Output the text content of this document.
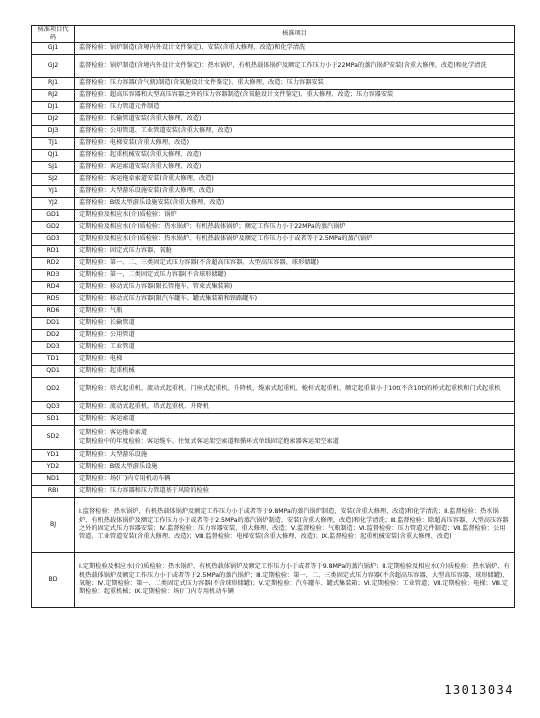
核准项目代码	核准项目
GJ1	监督检验：锅炉制造(含境内外设计文件鉴定)、安装(含重大修理、改造)和化学清洗
GJ2	监督检验：锅炉制造(含境内外设计文件鉴定)：热水锅炉，有机热载体锅炉及额定工作压力小于22MPa的蒸汽锅炉安装(含重大修理、改造)和化学清洗
RJ1	监督检验：压力容器(含气瓶)制造(含氧舱设计文件鉴定)、重大修理、改造；压力容器安装
RJ2	监督检验：超高压容器和大型高压容器之外的压力容器制造(含氧舱设计文件鉴定)、重大修理、改造；压力容器安装
DJ1	监督检验：压力管道元件制造
DJ2	监督检验：长输管道安装(含重大修理、改造)
DJ3	监督检验：公用管道、工业管道安装(含重大修理、改造)
TJ1	监督检验：电梯安装(含重大修理、改造)
QJ1	监督检验：起重机械安装(含重大修理、改造)
SJ1	监督检验：客运索道安装(含重大修理、改造)
SJ2	监督检验：客运拖牵索道安装(含重大修理、改造)
YJ1	监督检验：大型游乐设施安装(含重大修理、改造)
YJ2	监督检验：B级大型游乐设施安装(含重大修理、改造)
GD1	定期检验及相应水(介)质检验：锅炉
GD2	定期检验及相应水(介)质检验：热水锅炉；有机热载体锅炉；额定工作压力小于22MPa的蒸汽锅炉
GD3	定期检验及相应水(介)质检验：热水锅炉、有机热载体锅炉及额定工作压力小于或者等于2.5MPa的蒸汽锅炉
RD1	定期检验：固定式压力容器、氧舱
RD2	定期检验：第一、二、三类固定式压力容器(不含超高压容器、大型高压容器、球形储罐)
RD3	定期检验：第一、二类固定式压力容器(不含球形储罐)
RD4	定期检验：移动式压力容器(限长管拖车、管束式集装箱)
RD5	定期检验：移动式压力容器(限汽车罐车、罐式集装箱和铁路罐车)
RD6	定期检验：气瓶
DD1	定期检验：长输管道
DD2	定期检验：公用管道
DD3	定期检验：工业管道
TD1	定期检验：电梯
QD1	定期检验：起重机械
QD2	定期检验：塔式起重机、流动式起重机、门座式起重机、升降机、缆索式起重机、桅杆式起重机、额定起重量小于10t(不含10t)的桥式起重机和门式起重机
QD3	定期检验：流动式起重机、塔式起重机、升降机
SD1	定期检验：客运索道
SD2	定期检验：客运拖牵索道
定期检验中的年度检验：客运缆车、往复式客运架空索道和循环式单线固定抱索器客运架空索道
YD1	定期检验：大型游乐设施
YD2	定期检验：B级大型游乐设施
ND1	定期检验：场(厂)内专用机动车辆
RBI	定期检验：压力容器和压力管道基于风险的检验
BJ	Ⅰ.监督检验：热水锅炉、有机热载体锅炉及额定工作压力小于或者等于9.8MPa的蒸汽锅炉制造、安装(含重大修理、改造)和化学清洗；Ⅱ.监督检验：热水锅炉、有机热载体锅炉及额定工作压力小于或者等于2.5MPa的蒸汽锅炉制造、安装(含重大修理、改造)和化学清洗；Ⅲ.监督检验：除超高压容器、大型高压容器之外的固定式压力容器安装；Ⅳ.监督检验：压力容器安装、重大修理、改造；Ⅴ.监督检验：气瓶制造；Ⅵ.监督检验：压力管道元件制造；Ⅶ.监督检验：公用管道、工业管道安装(含重大修理、改造)；Ⅷ.监督检验：电梯安装(含重大修理、改造)；Ⅸ.监督检验：起重机械安装(含重大修理、改造)
BD	Ⅰ.定期检验及相应水(介)质检验：热水锅炉、有机热载体锅炉及额定工作压力小于或者等于9.8MPa的蒸汽锅炉；Ⅱ.定期检验及相应水(介)质检验：热水锅炉、有机热载体锅炉及额定工作压力小于或者等于2.5MPa的蒸汽锅炉；Ⅲ.定期检验：第一、二、三类固定式压力容器(不含超高压容器、大型高压容器、球形储罐)、氧舱；Ⅳ.定期检验：第一、二类固定式压力容器(不含球形储罐)；Ⅴ.定期检验：汽车罐车、罐式集装箱；Ⅵ.定期检验：工业管道；Ⅶ.定期检验：电梯；Ⅷ.定期检验：起重机械；Ⅸ.定期检验：场(厂)内专用机动车辆
13013034
